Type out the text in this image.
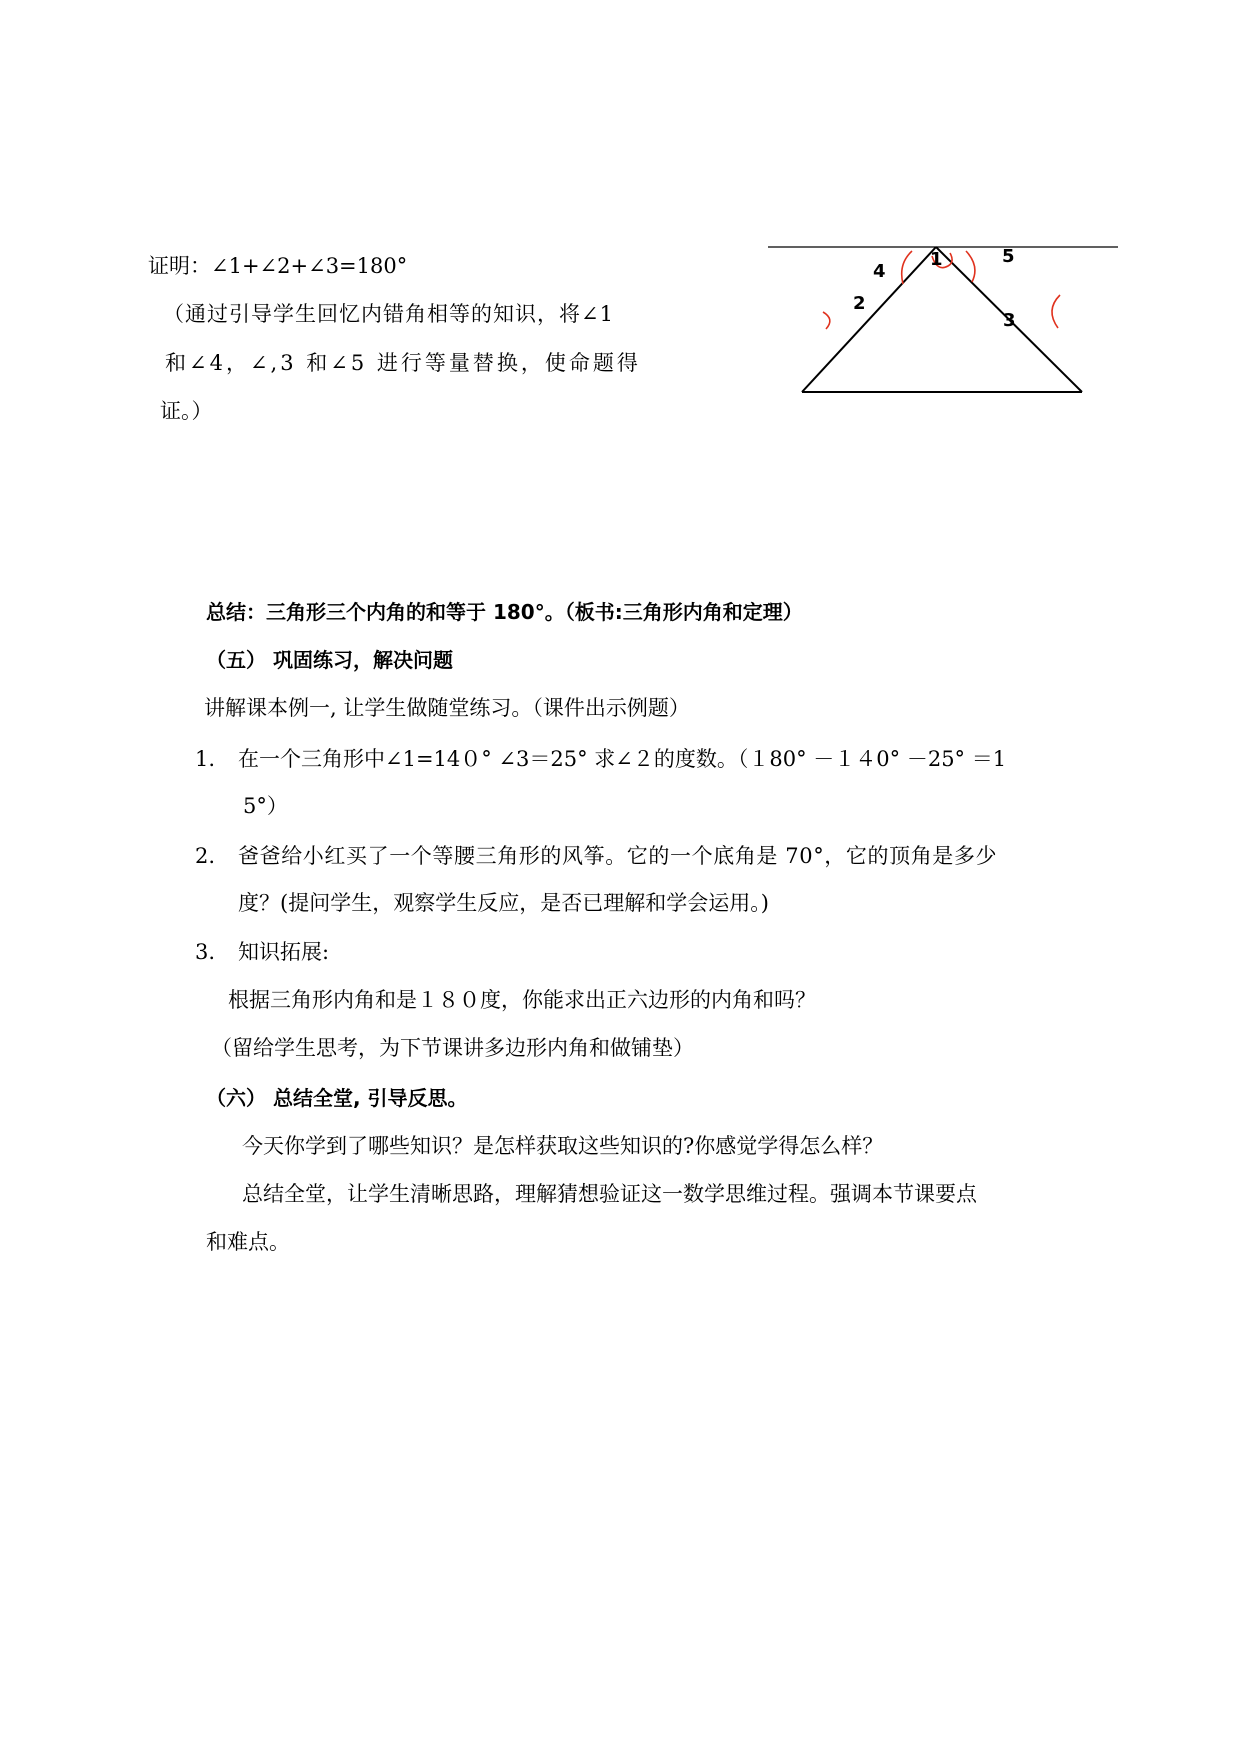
证明：∠1+∠2+∠3=180°
（通过引导学生回忆内错角相等的知识，将∠1
和∠4，∠,3 和∠5 进行等量替换，使命题得
证。）
1
2
3
4
5
总结：三角形三个内角的和等于 180°。（板书:三角形内角和定理）
（五） 巩固练习，解决问题
讲解课本例一, 让学生做随堂练习。（课件出示例题）
1. 在一个三角形中∠1=14０° ∠3＝25° 求∠２的度数。（１80° －１４0° －25° ＝1
5°）
2. 爸爸给小红买了一个等腰三角形的风筝。它的一个底角是 70°，它的顶角是多少
度？(提问学生，观察学生反应，是否已理解和学会运用。)
3. 知识拓展:
根据三角形内角和是１８０度，你能求出正六边形的内角和吗？
（留给学生思考，为下节课讲多边形内角和做铺垫）
（六） 总结全堂, 引导反思。
今天你学到了哪些知识？是怎样获取这些知识的?你感觉学得怎么样？
总结全堂，让学生清晰思路，理解猜想验证这一数学思维过程。强调本节课要点
和难点。
